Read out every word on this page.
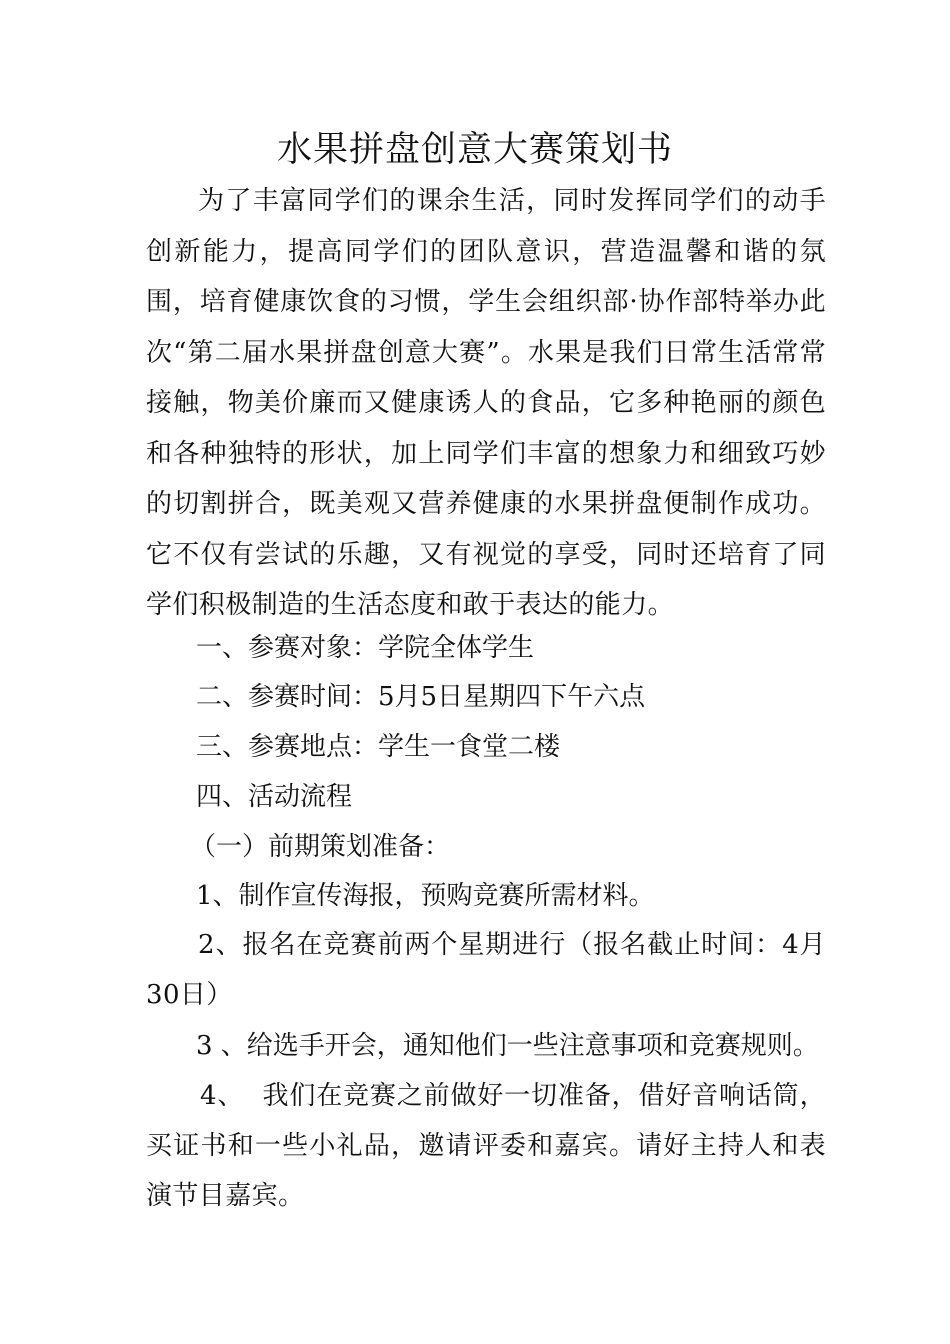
水果拼盘创意大赛策划书
为了丰富同学们的课余生活，同时发挥同学们的动手创新能力，提高同学们的团队意识，营造温馨和谐的氛围，培育健康饮食的习惯，学生会组织部·协作部特举办此次“第二届水果拼盘创意大赛”。水果是我们日常生活常常接触，物美价廉而又健康诱人的食品，它多种艳丽的颜色和各种独特的形状，加上同学们丰富的想象力和细致巧妙的切割拼合，既美观又营养健康的水果拼盘便制作成功。它不仅有尝试的乐趣，又有视觉的享受，同时还培育了同学们积极制造的生活态度和敢于表达的能力。
一、参赛对象：学院全体学生
二、参赛时间：5月5日星期四下午六点
三、参赛地点：学生一食堂二楼
四、活动流程
（一）前期策划准备：
1、制作宣传海报，预购竞赛所需材料。
2、报名在竞赛前两个星期进行（报名截止时间：4月30日）
3 、给选手开会，通知他们一些注意事项和竞赛规则。
4、  我们在竞赛之前做好一切准备，借好音响话筒，买证书和一些小礼品，邀请评委和嘉宾。请好主持人和表演节目嘉宾。
